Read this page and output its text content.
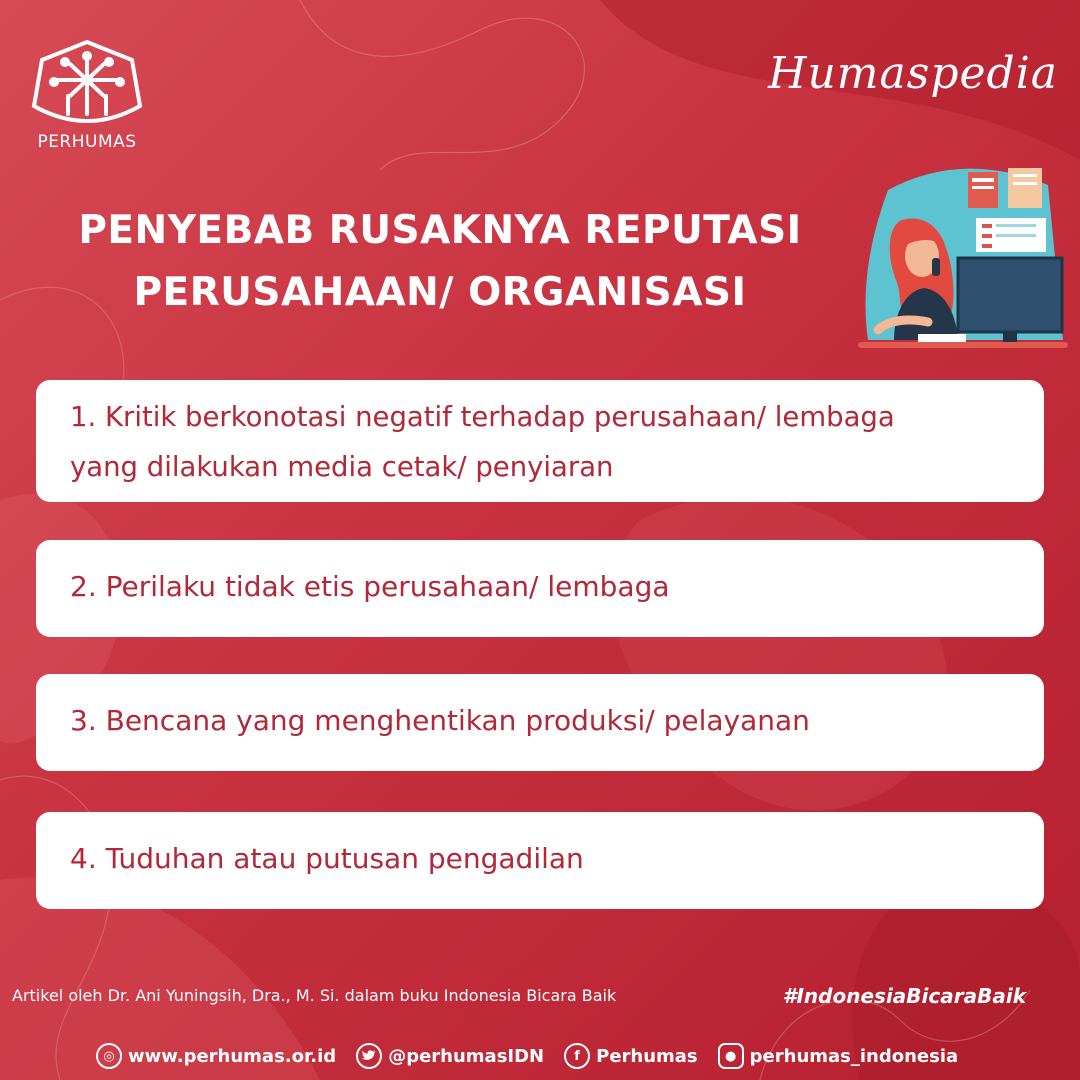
PERHUMAS
Humaspedia
PENYEBAB RUSAKNYA REPUTASI
PERUSAHAAN/ ORGANISASI
1. Kritik berkonotasi negatif terhadap perusahaan/ lembaga
yang dilakukan media cetak/ penyiaran
2. Perilaku tidak etis perusahaan/ lembaga
3. Bencana yang menghentikan produksi/ pelayanan
4. Tuduhan atau putusan pengadilan
Artikel oleh Dr. Ani Yuningsih, Dra., M. Si. dalam buku Indonesia Bicara Baik	#IndonesiaBicaraBaik
◎ www.perhumas.or.id	@perhumasIDN	f Perhumas	● perhumas_indonesia
